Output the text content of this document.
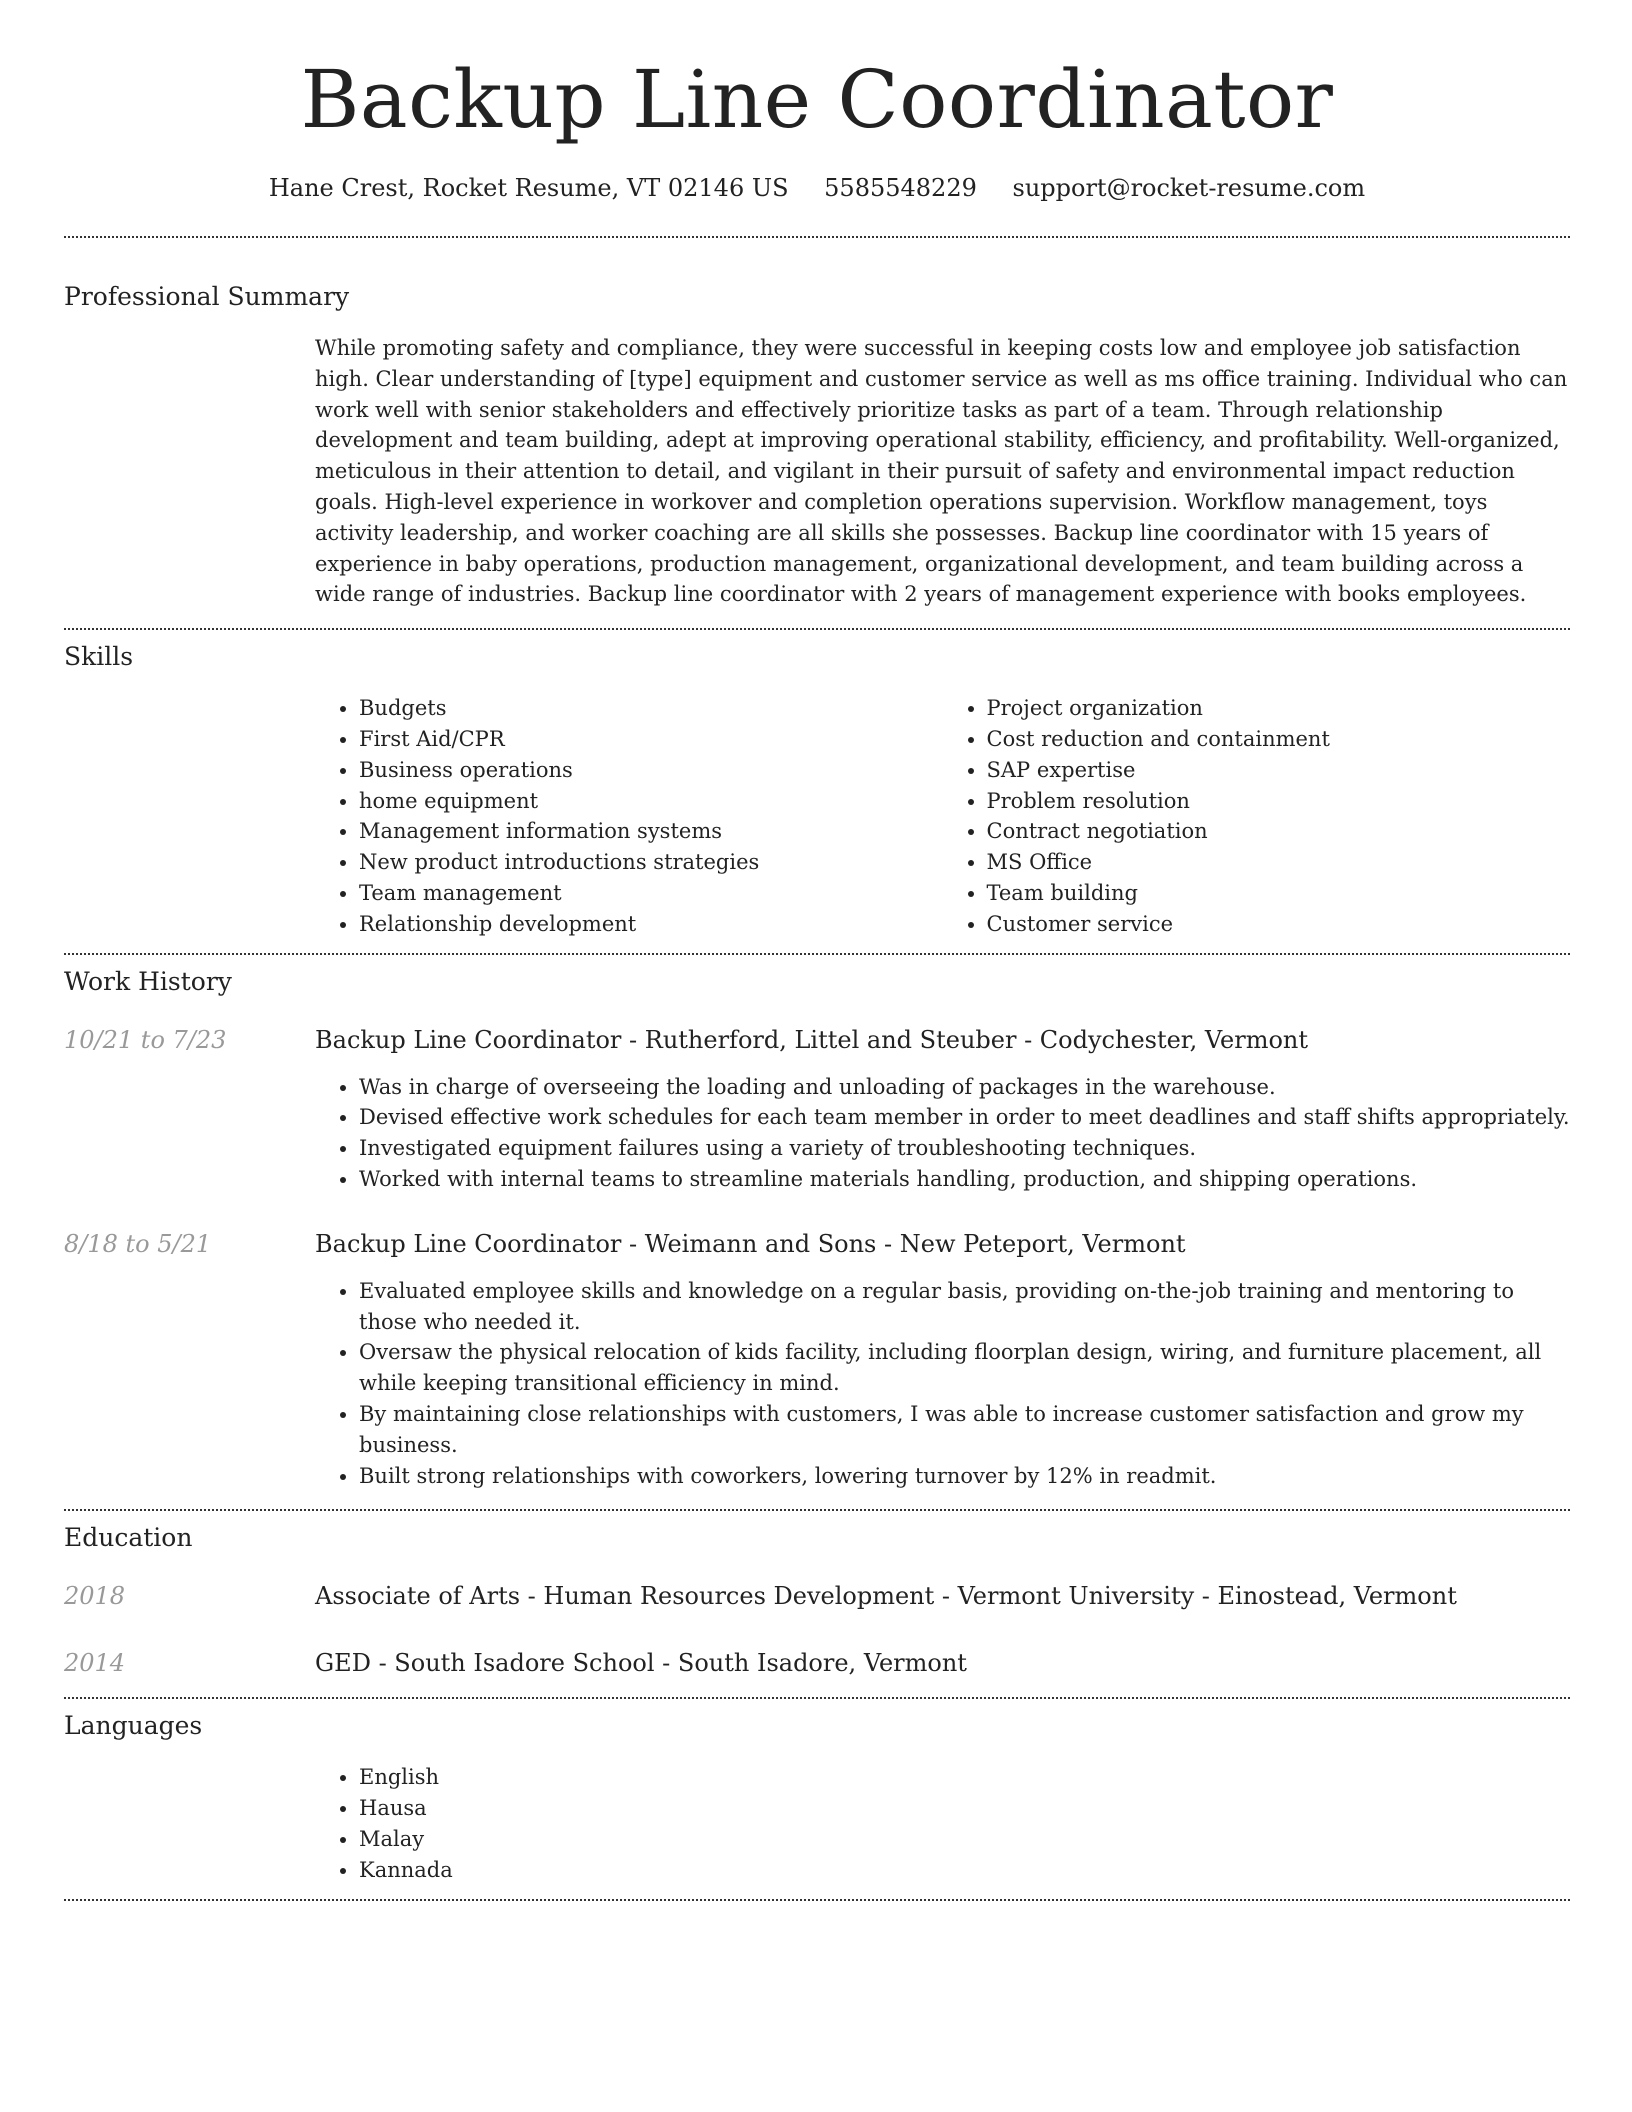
Backup Line Coordinator
Hane Crest, Rocket Resume, VT 02146 US 5585548229 support@rocket-resume.com
Professional Summary

While promoting safety and compliance, they were successful in keeping costs low and employee job satisfaction high. Clear understanding of [type] equipment and customer service as well as ms office training. Individual who can work well with senior stakeholders and effectively prioritize tasks as part of a team. Through relationship development and team building, adept at improving operational stability, efficiency, and profitability. Well-organized, meticulous in their attention to detail, and vigilant in their pursuit of safety and environmental impact reduction goals. High-level experience in workover and completion operations supervision. Workflow management, toys activity leadership, and worker coaching are all skills she possesses. Backup line coordinator with 15 years of experience in baby operations, production management, organizational development, and team building across a wide range of industries. Backup line coordinator with 2 years of management experience with books employees.

Skills
• Budgets
• First Aid/CPR
• Business operations
• home equipment
• Management information systems
• New product introductions strategies
• Team management
• Relationship development
• Project organization
• Cost reduction and containment
• SAP expertise
• Problem resolution
• Contract negotiation
• MS Office
• Team building
• Customer service
Work History
10/21 to 7/23	Backup Line Coordinator - Rutherford, Littel and Steuber - Codychester, Vermont
• Was in charge of overseeing the loading and unloading of packages in the warehouse.
• Devised effective work schedules for each team member in order to meet deadlines and staff shifts appropriately.
• Investigated equipment failures using a variety of troubleshooting techniques.
• Worked with internal teams to streamline materials handling, production, and shipping operations.
8/18 to 5/21	Backup Line Coordinator - Weimann and Sons - New Peteport, Vermont
• Evaluated employee skills and knowledge on a regular basis, providing on-the-job training and mentoring to those who needed it.
• Oversaw the physical relocation of kids facility, including floorplan design, wiring, and furniture placement, all while keeping transitional efficiency in mind.
• By maintaining close relationships with customers, I was able to increase customer satisfaction and grow my business.
• Built strong relationships with coworkers, lowering turnover by 12% in readmit.
Education
2018	Associate of Arts - Human Resources Development - Vermont University - Einostead, Vermont
2014	GED - South Isadore School - South Isadore, Vermont
Languages
• English
• Hausa
• Malay
• Kannada
